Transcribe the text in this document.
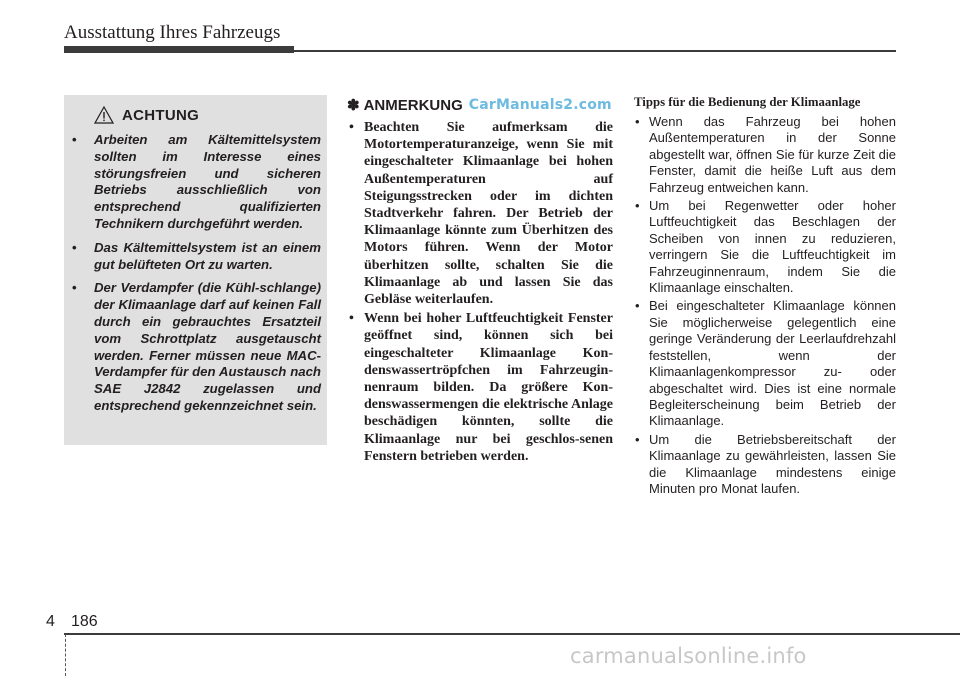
Ausstattung Ihres Fahrzeugs
ACHTUNG
• Arbeiten am Kältemittelsystem sollten im Interesse eines störungsfreien und sicheren Betriebs ausschließlich von entsprechend qualifizierten Technikern durchgeführt werden.
• Das Kältemittelsystem ist an einem gut belüfteten Ort zu warten.
• Der Verdampfer (die Kühl-schlange) der Klimaanlage darf auf keinen Fall durch ein gebrauchtes Ersatzteil vom Schrottplatz ausgetauscht werden. Ferner müssen neue MAC-Verdampfer für den Austausch nach SAE J2842 zugelassen und entsprechend gekennzeichnet sein.
✽ ANMERKUNG CarManuals2.com
• Beachten Sie aufmerksam die Motortemperaturanzeige, wenn Sie mit eingeschalteter Klimaanlage bei hohen Außentemperaturen auf Steigungsstrecken oder im dichten Stadtverkehr fahren. Der Betrieb der Klimaanlage könnte zum Überhitzen des Motors führen. Wenn der Motor überhitzen sollte, schalten Sie die Klimaanlage ab und lassen Sie das Gebläse weiterlaufen.
• Wenn bei hoher Luftfeuchtigkeit Fenster geöffnet sind, können sich bei eingeschalteter Klimaanlage Kon-denswassertröpfchen im Fahrzeugin-nenraum bilden. Da größere Kon-denswassermengen die elektrische Anlage beschädigen könnten, sollte die Klimaanlage nur bei geschlos-senen Fenstern betrieben werden.
Tipps für die Bedienung der Klimaanlage
• Wenn das Fahrzeug bei hohen Außentemperaturen in der Sonne abgestellt war, öffnen Sie für kurze Zeit die Fenster, damit die heiße Luft aus dem Fahrzeug entweichen kann.
• Um bei Regenwetter oder hoher Luftfeuchtigkeit das Beschlagen der Scheiben von innen zu reduzieren, verringern Sie die Luftfeuchtigkeit im Fahrzeuginnenraum, indem Sie die Klimaanlage einschalten.
• Bei eingeschalteter Klimaanlage können Sie möglicherweise gelegentlich eine geringe Veränderung der Leerlaufdrehzahl feststellen, wenn der Klimaanlagenkompressor zu- oder abgeschaltet wird. Dies ist eine normale Begleiterscheinung beim Betrieb der Klimaanlage.
• Um die Betriebsbereitschaft der Klimaanlage zu gewährleisten, lassen Sie die Klimaanlage mindestens einige Minuten pro Monat laufen.
4 186
carmanualsonline.info
